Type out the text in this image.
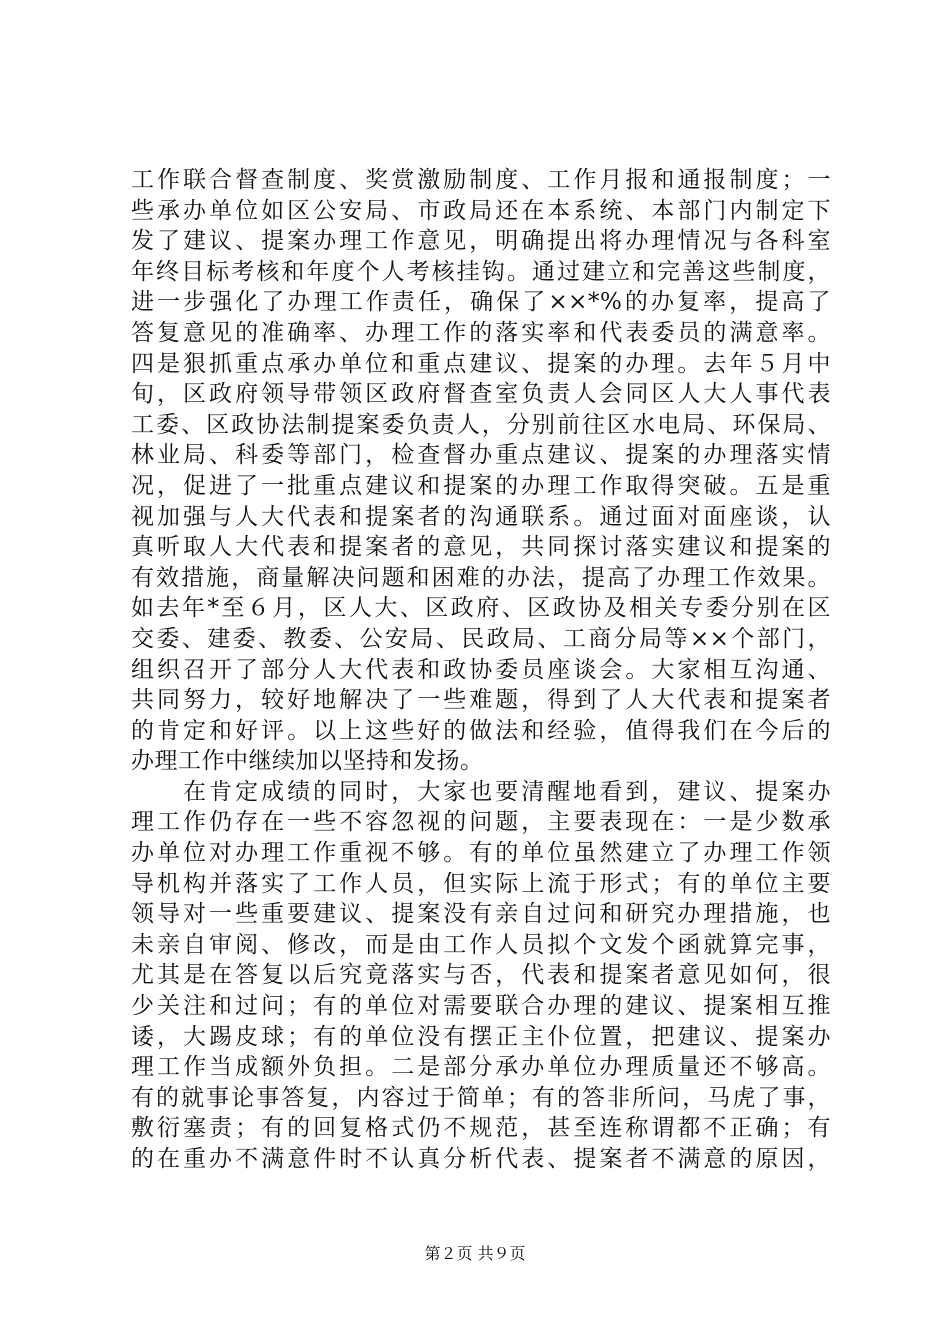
工作联合督查制度、奖赏激励制度、工作月报和通报制度；一
些承办单位如区公安局、市政局还在本系统、本部门内制定下
发了建议、提案办理工作意见，明确提出将办理情况与各科室
年终目标考核和年度个人考核挂钩。通过建立和完善这些制度，
进一步强化了办理工作责任，确保了××*%的办复率，提高了
答复意见的准确率、办理工作的落实率和代表委员的满意率。
四是狠抓重点承办单位和重点建议、提案的办理。去年５月中
旬，区政府领导带领区政府督查室负责人会同区人大人事代表
工委、区政协法制提案委负责人，分别前往区水电局、环保局、
林业局、科委等部门，检查督办重点建议、提案的办理落实情
况，促进了一批重点建议和提案的办理工作取得突破。五是重
视加强与人大代表和提案者的沟通联系。通过面对面座谈，认
真听取人大代表和提案者的意见，共同探讨落实建议和提案的
有效措施，商量解决问题和困难的办法，提高了办理工作效果。
如去年*至６月，区人大、区政府、区政协及相关专委分别在区
交委、建委、教委、公安局、民政局、工商分局等××个部门，
组织召开了部分人大代表和政协委员座谈会。大家相互沟通、
共同努力，较好地解决了一些难题，得到了人大代表和提案者
的肯定和好评。以上这些好的做法和经验，值得我们在今后的
办理工作中继续加以坚持和发扬。
　　在肯定成绩的同时，大家也要清醒地看到，建议、提案办
理工作仍存在一些不容忽视的问题，主要表现在：一是少数承
办单位对办理工作重视不够。有的单位虽然建立了办理工作领
导机构并落实了工作人员，但实际上流于形式；有的单位主要
领导对一些重要建议、提案没有亲自过问和研究办理措施，也
未亲自审阅、修改，而是由工作人员拟个文发个函就算完事，
尤其是在答复以后究竟落实与否，代表和提案者意见如何，很
少关注和过问；有的单位对需要联合办理的建议、提案相互推
诿，大踢皮球；有的单位没有摆正主仆位置，把建议、提案办
理工作当成额外负担。二是部分承办单位办理质量还不够高。
有的就事论事答复，内容过于简单；有的答非所问，马虎了事，
敷衍塞责；有的回复格式仍不规范，甚至连称谓都不正确；有
的在重办不满意件时不认真分析代表、提案者不满意的原因，
第２页 共９页
